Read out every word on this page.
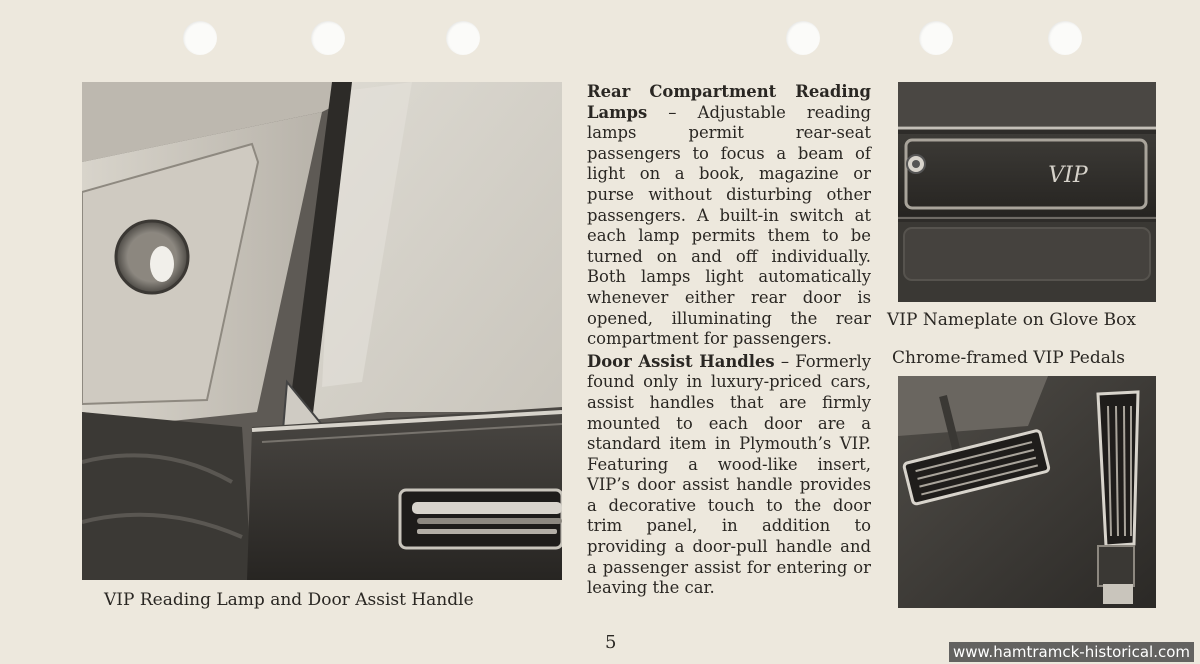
VIP Reading Lamp and Door Assist Handle

Rear Compartment Reading Lamps – Adjustable reading lamps permit rear-seat passengers to focus a beam of light on a book, magazine or purse without disturbing other passengers. A built-in switch at each lamp permits them to be turned on and off individually. Both lamps light automatically whenever either rear door is opened, illuminating the rear compartment for passengers.

Door Assist Handles – Formerly found only in luxury-priced cars, assist handles that are firmly mounted to each door are a standard item in Plymouth’s VIP. Featuring a wood-like insert, VIP’s door assist handle provides a decorative touch to the door trim panel, in addition to providing a door-pull handle and a passenger assist for entering or leaving the car.

VIP
VIP Nameplate on Glove Box
Chrome-framed VIP Pedals
5	www.hamtramck-historical.com
